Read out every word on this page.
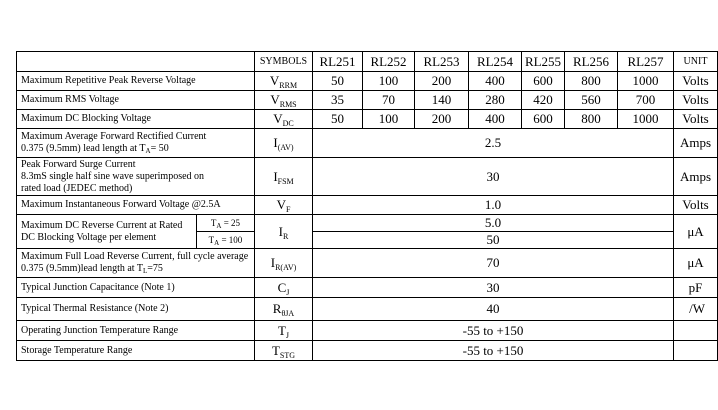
		SYMBOLS	RL251	RL252	RL253	RL254	RL255	RL256	RL257	UNIT
Maximum Repetitive Peak Reverse Voltage		$V_{RRM}$	50	100	200	400	600	800	1000	Volts
Maximum RMS Voltage		$V_{RMS}$	35	70	140	280	420	560	700	Volts
Maximum DC Blocking Voltage		$V_{DC}$	50	100	200	400	600	800	1000	Volts

Maximum Average Forward Rectified Current
0.375 (9.5mm) lead length at $T_A= 50$		$I_{(AV)}$	2.5							Amps

Peak Forward Surge Current
8.3mS single half sine wave superimposed on
rated load (JEDEC method)		$I_{FSM}$	30							Amps
Maximum Instantaneous Forward Voltage @2.5A		$V_F$	1.0							Volts

Maximum DC Reverse Current at Rated
DC Blocking Voltage per element	$T_A = 25$	$I_R$	5.0							μA
	$T_A = 100$		50							

Maximum Full Load Reverse Current, full cycle average
0.375 (9.5mm)lead length at $T_L=75$		$I_{R(AV)}$	70							μA
Typical Junction Capacitance (Note 1)		$C_J$	30							pF
Typical Thermal Resistance (Note 2)		$R_{\theta JA}$	40							/W
Operating Junction Temperature Range		$T_J$	-55 to +150							
Storage Temperature Range		$T_{STG}$	-55 to +150							
